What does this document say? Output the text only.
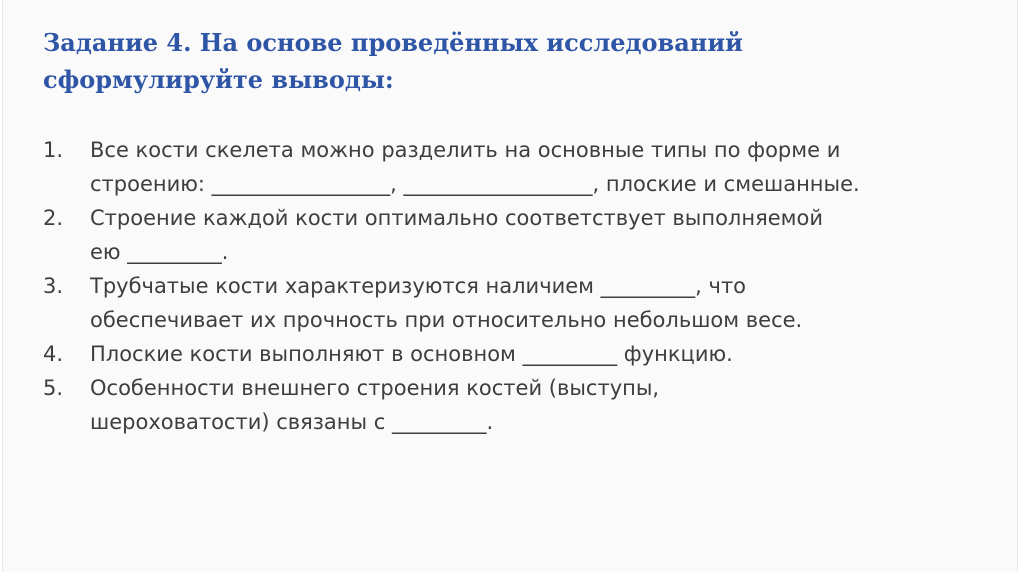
Задание 4. На основе проведённых исследований
сформулируйте выводы:
1.	Все кости скелета можно разделить на основные типы по форме и
строению: _________________, __________________, плоские и смешанные.
2.	Строение каждой кости оптимально соответствует выполняемой
ею _________.
3.	Трубчатые кости характеризуются наличием _________, что
обеспечивает их прочность при относительно небольшом весе.
4.	Плоские кости выполняют в основном _________ функцию.
5.	Особенности внешнего строения костей (выступы,
шероховатости) связаны с _________.
